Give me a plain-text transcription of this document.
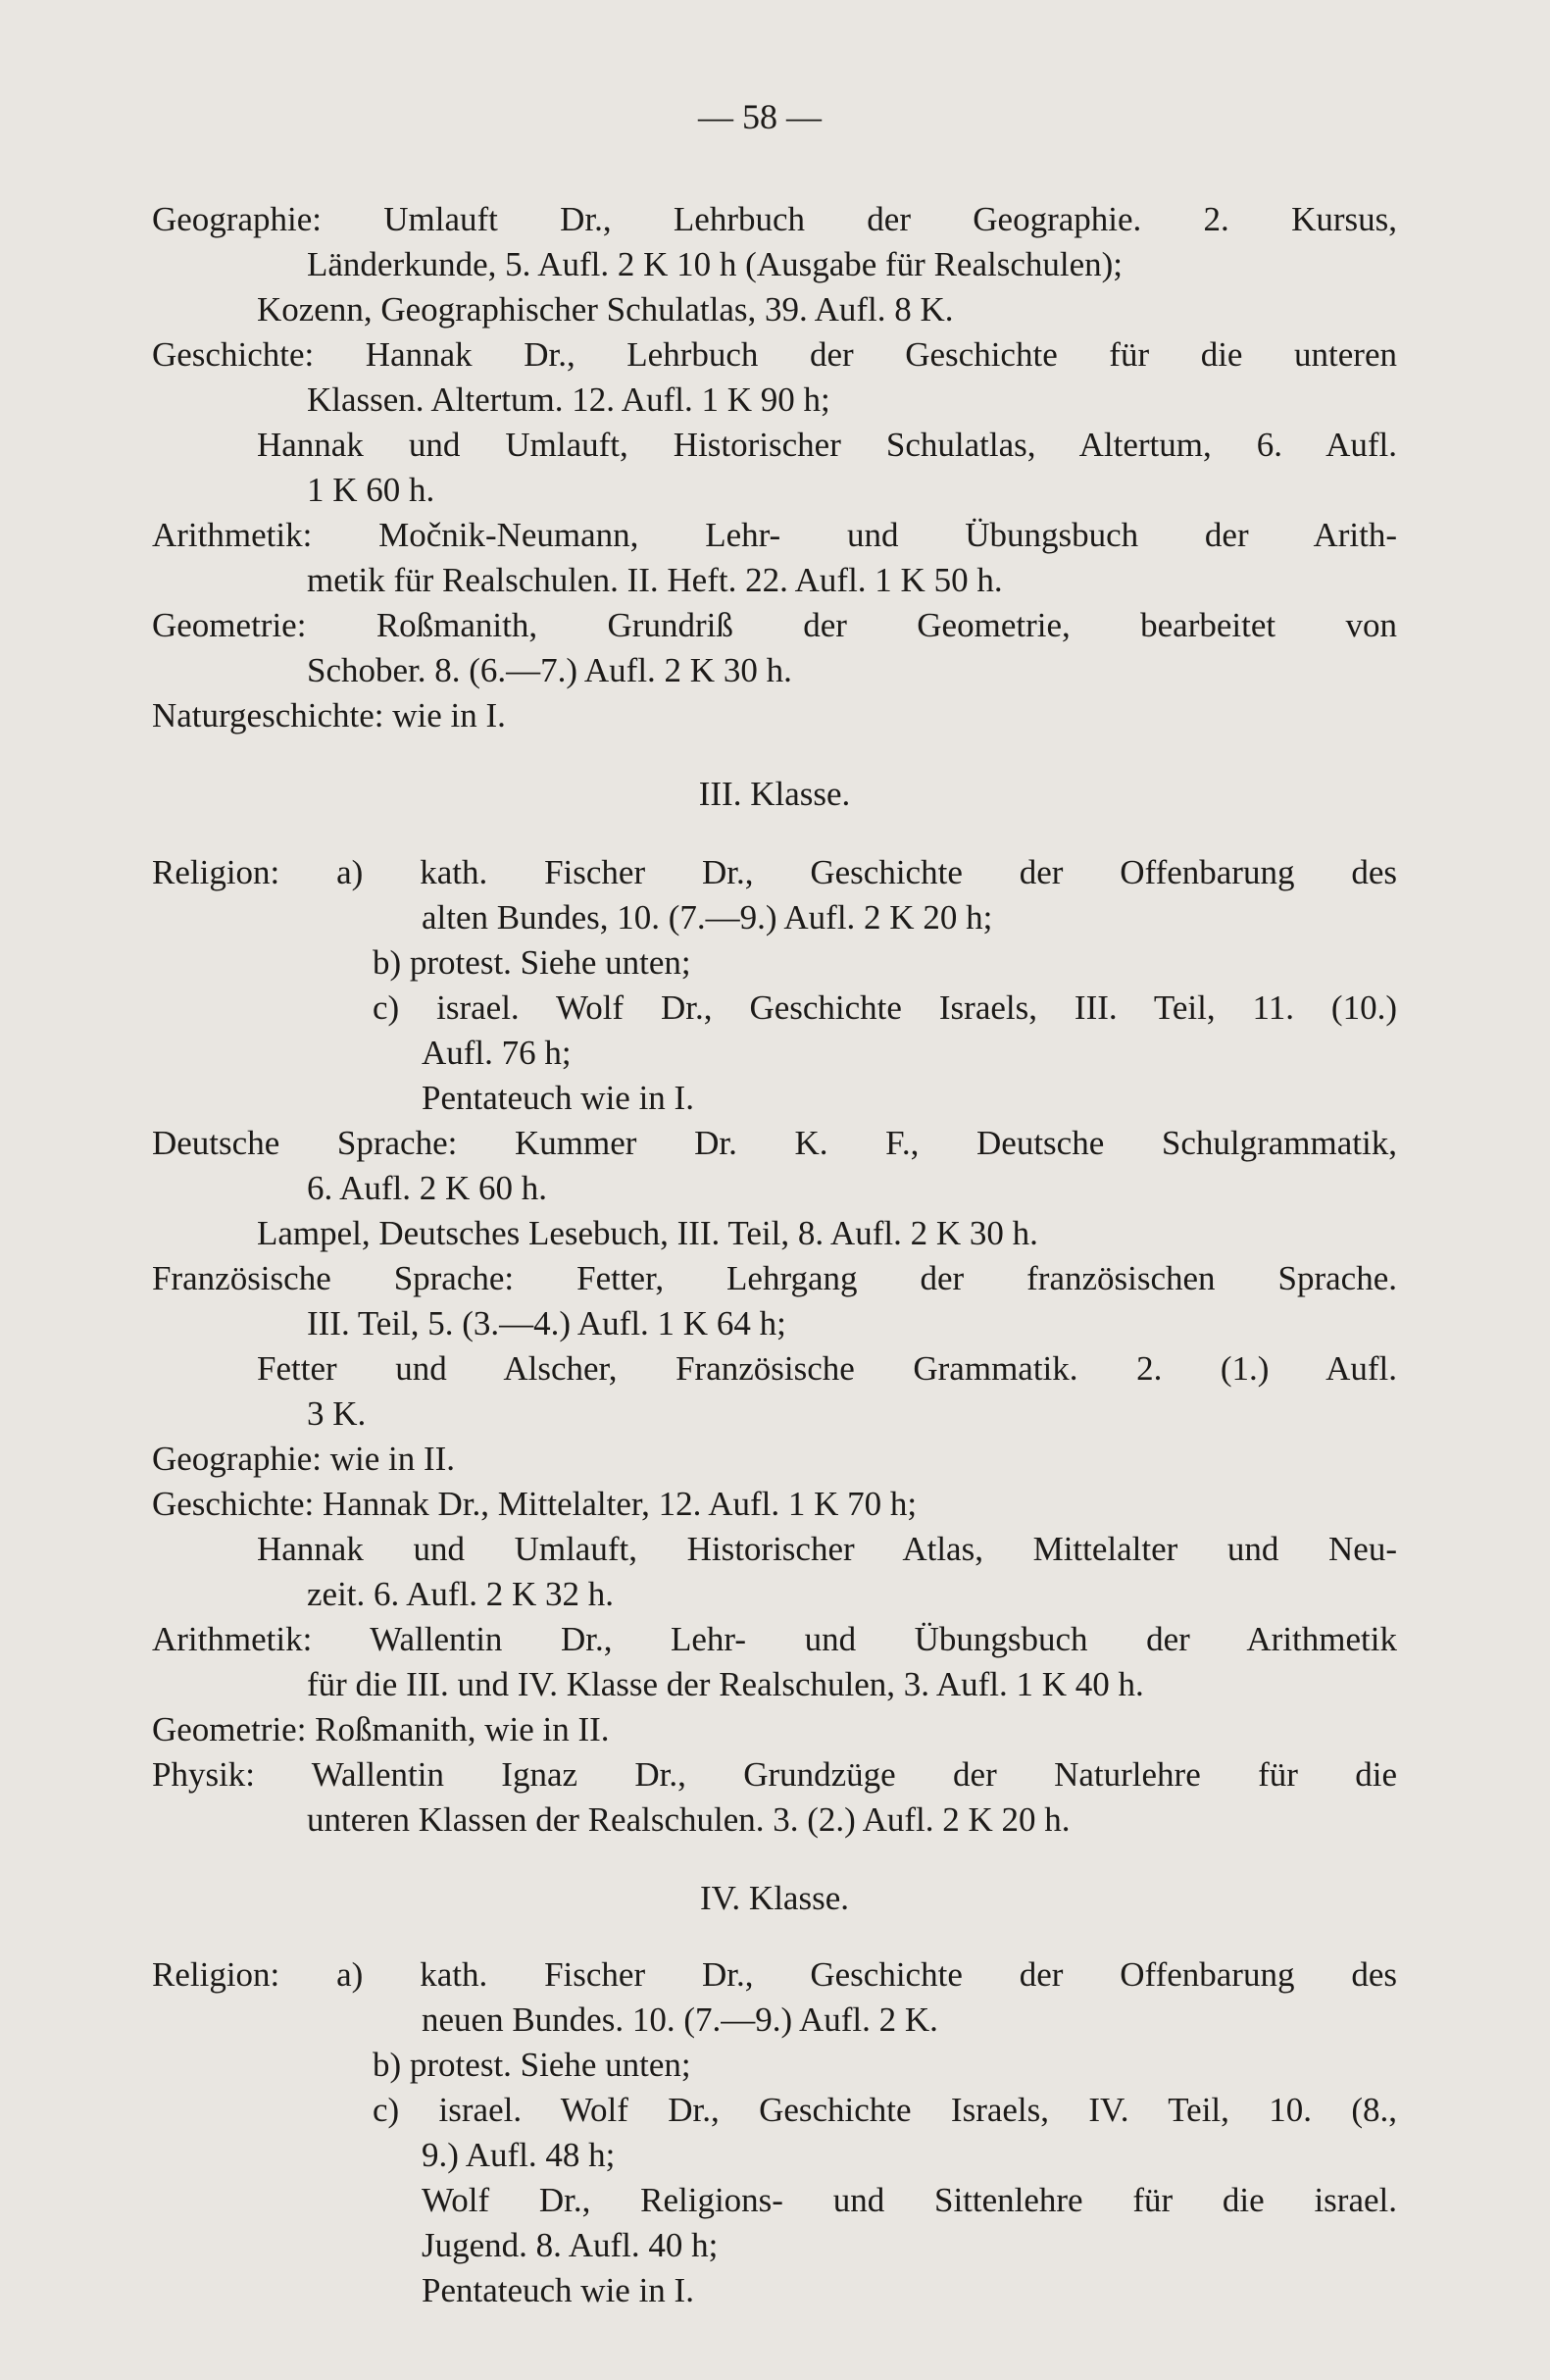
— 58 —
Geographie: Umlauft Dr., Lehrbuch der Geographie. 2. Kursus,
Länderkunde, 5. Aufl. 2 K 10 h (Ausgabe für Realschulen);
Kozenn, Geographischer Schulatlas, 39. Aufl. 8 K.
Geschichte: Hannak Dr., Lehrbuch der Geschichte für die unteren
Klassen. Altertum. 12. Aufl. 1 K 90 h;
Hannak und Umlauft, Historischer Schulatlas, Altertum, 6. Aufl.
1 K 60 h.
Arithmetik: Močnik-Neumann, Lehr- und Übungsbuch der Arith-
metik für Realschulen. II. Heft. 22. Aufl. 1 K 50 h.
Geometrie: Roßmanith, Grundriß der Geometrie, bearbeitet von
Schober. 8. (6.—7.) Aufl. 2 K 30 h.
Naturgeschichte: wie in I.
III. Klasse.
Religion: a) kath. Fischer Dr., Geschichte der Offenbarung des
alten Bundes, 10. (7.—9.) Aufl. 2 K 20 h;
b) protest. Siehe unten;
c) israel. Wolf Dr., Geschichte Israels, III. Teil, 11. (10.)
Aufl. 76 h;
Pentateuch wie in I.
Deutsche Sprache: Kummer Dr. K. F., Deutsche Schulgrammatik,
6. Aufl. 2 K 60 h.
Lampel, Deutsches Lesebuch, III. Teil, 8. Aufl. 2 K 30 h.
Französische Sprache: Fetter, Lehrgang der französischen Sprache.
III. Teil, 5. (3.—4.) Aufl. 1 K 64 h;
Fetter und Alscher, Französische Grammatik. 2. (1.) Aufl.
3 K.
Geographie: wie in II.
Geschichte: Hannak Dr., Mittelalter, 12. Aufl. 1 K 70 h;
Hannak und Umlauft, Historischer Atlas, Mittelalter und Neu-
zeit. 6. Aufl. 2 K 32 h.
Arithmetik: Wallentin Dr., Lehr- und Übungsbuch der Arithmetik
für die III. und IV. Klasse der Realschulen, 3. Aufl. 1 K 40 h.
Geometrie: Roßmanith, wie in II.
Physik: Wallentin Ignaz Dr., Grundzüge der Naturlehre für die
unteren Klassen der Realschulen. 3. (2.) Aufl. 2 K 20 h.
IV. Klasse.
Religion: a) kath. Fischer Dr., Geschichte der Offenbarung des
neuen Bundes. 10. (7.—9.) Aufl. 2 K.
b) protest. Siehe unten;
c) israel. Wolf Dr., Geschichte Israels, IV. Teil, 10. (8.,
9.) Aufl. 48 h;
Wolf Dr., Religions- und Sittenlehre für die israel.
Jugend. 8. Aufl. 40 h;
Pentateuch wie in I.
